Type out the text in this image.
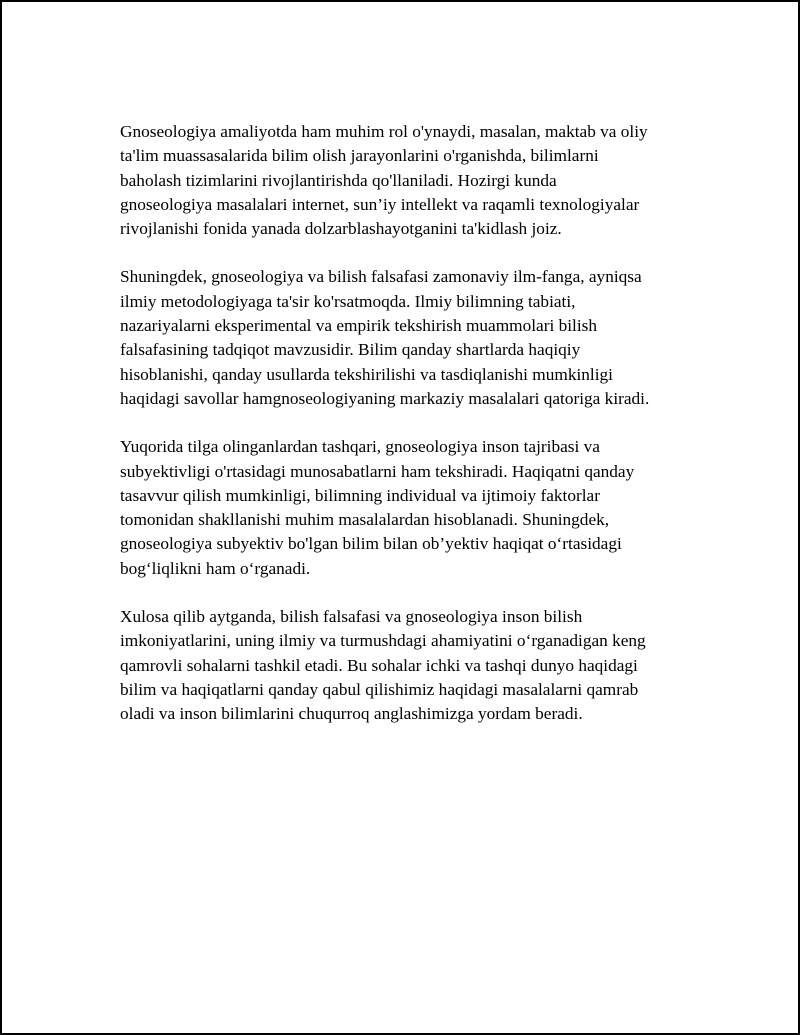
Gnoseologiya amaliyotda ham muhim rol o'ynaydi, masalan, maktab va oliy
ta'lim muassasalarida bilim olish jarayonlarini o'rganishda, bilimlarni
baholash tizimlarini rivojlantirishda qo'llaniladi. Hozirgi kunda
gnoseologiya masalalari internet, sun’iy intellekt va raqamli texnologiyalar
rivojlanishi fonida yanada dolzarblashayotganini ta'kidlash joiz.

Shuningdek, gnoseologiya va bilish falsafasi zamonaviy ilm-fanga, ayniqsa
ilmiy metodologiyaga ta'sir ko'rsatmoqda. Ilmiy bilimning tabiati,
nazariyalarni eksperimental va empirik tekshirish muammolari bilish
falsafasining tadqiqot mavzusidir. Bilim qanday shartlarda haqiqiy
hisoblanishi, qanday usullarda tekshirilishi va tasdiqlanishi mumkinligi
haqidagi savollar hamgnoseologiyaning markaziy masalalari qatoriga kiradi.

Yuqorida tilga olinganlardan tashqari, gnoseologiya inson tajribasi va
subyektivligi o'rtasidagi munosabatlarni ham tekshiradi. Haqiqatni qanday
tasavvur qilish mumkinligi, bilimning individual va ijtimoiy faktorlar
tomonidan shakllanishi muhim masalalardan hisoblanadi. Shuningdek,
gnoseologiya subyektiv bo'lgan bilim bilan ob’yektiv haqiqat o‘rtasidagi
bog‘liqlikni ham o‘rganadi.

Xulosa qilib aytganda, bilish falsafasi va gnoseologiya inson bilish
imkoniyatlarini, uning ilmiy va turmushdagi ahamiyatini o‘rganadigan keng
qamrovli sohalarni tashkil etadi. Bu sohalar ichki va tashqi dunyo haqidagi
bilim va haqiqatlarni qanday qabul qilishimiz haqidagi masalalarni qamrab
oladi va inson bilimlarini chuqurroq anglashimizga yordam beradi.
